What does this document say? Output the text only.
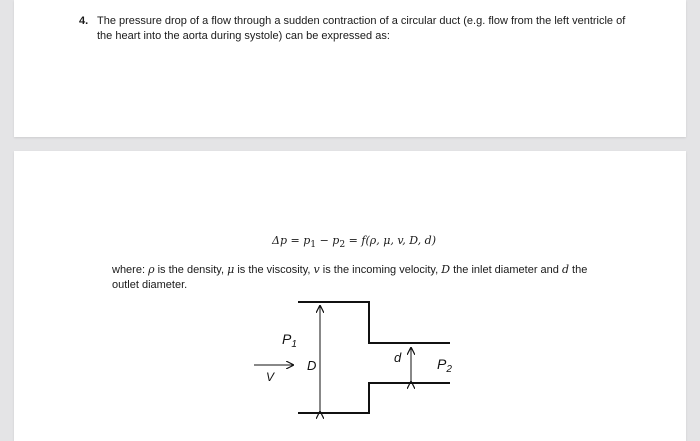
4. The pressure drop of a flow through a sudden contraction of a circular duct (e.g. flow from the left ventricle of the heart into the aorta during systole) can be expressed as:
$\Delta p = p_1 - p_2 = f(\rho$, μ, v, D, d)
where: ρ is the density, μ is the viscosity, v is the incoming velocity, D the inlet diameter and d the outlet diameter.
$P_1$
$P_2$
V
D
d
